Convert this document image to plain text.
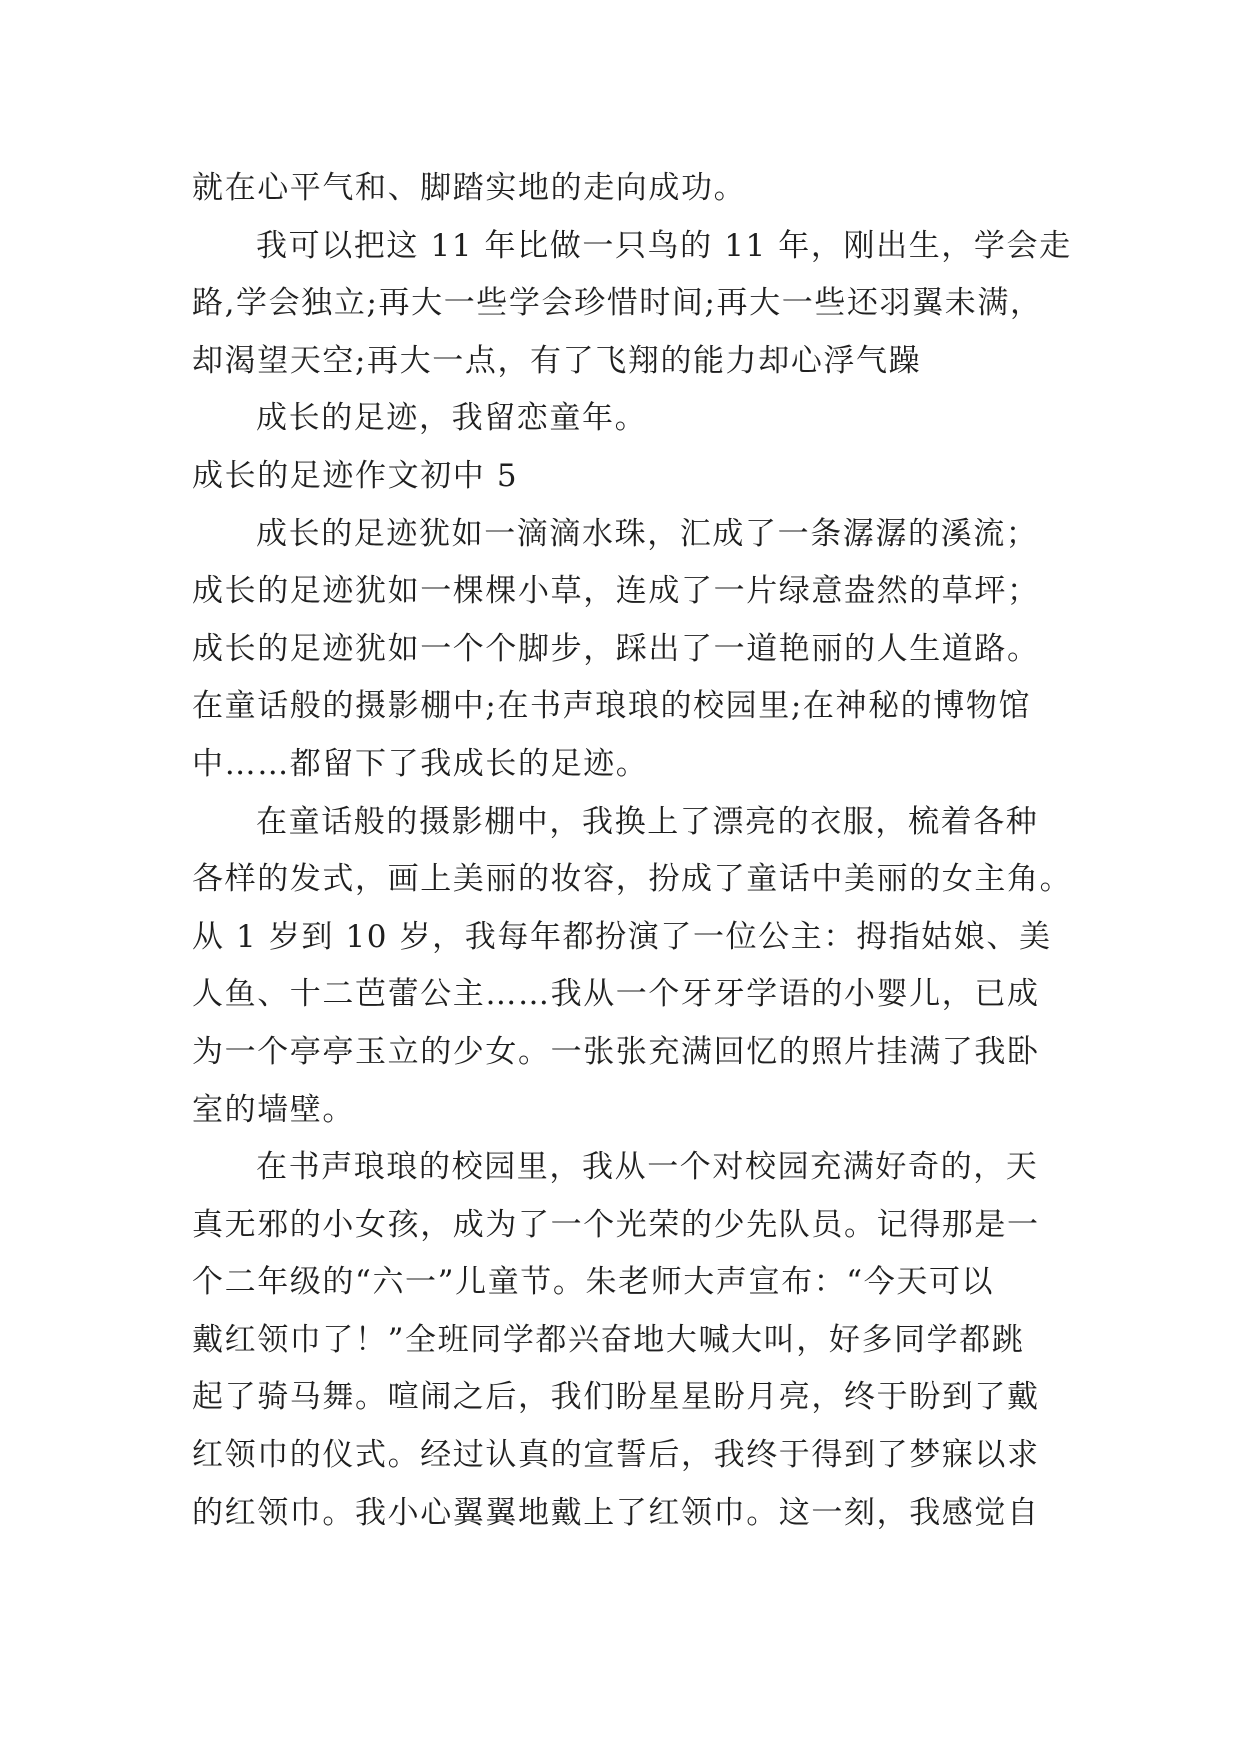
就在心平气和、脚踏实地的走向成功。
我可以把这 11 年比做一只鸟的 11 年，刚出生，学会走
路,学会独立;再大一些学会珍惜时间;再大一些还羽翼未满，
却渴望天空;再大一点，有了飞翔的能力却心浮气躁
成长的足迹，我留恋童年。
成长的足迹作文初中 5
成长的足迹犹如一滴滴水珠，汇成了一条潺潺的溪流；
成长的足迹犹如一棵棵小草，连成了一片绿意盎然的草坪；
成长的足迹犹如一个个脚步，踩出了一道艳丽的人生道路。
在童话般的摄影棚中;在书声琅琅的校园里;在神秘的博物馆
中……都留下了我成长的足迹。
在童话般的摄影棚中，我换上了漂亮的衣服，梳着各种
各样的发式，画上美丽的妆容，扮成了童话中美丽的女主角。
从 1 岁到 10 岁，我每年都扮演了一位公主：拇指姑娘、美
人鱼、十二芭蕾公主……我从一个牙牙学语的小婴儿，已成
为一个亭亭玉立的少女。一张张充满回忆的照片挂满了我卧
室的墙壁。
在书声琅琅的校园里，我从一个对校园充满好奇的，天
真无邪的小女孩，成为了一个光荣的少先队员。记得那是一
个二年级的“六一”儿童节。朱老师大声宣布：“今天可以
戴红领巾了！”全班同学都兴奋地大喊大叫，好多同学都跳
起了骑马舞。喧闹之后，我们盼星星盼月亮，终于盼到了戴
红领巾的仪式。经过认真的宣誓后，我终于得到了梦寐以求
的红领巾。我小心翼翼地戴上了红领巾。这一刻，我感觉自
